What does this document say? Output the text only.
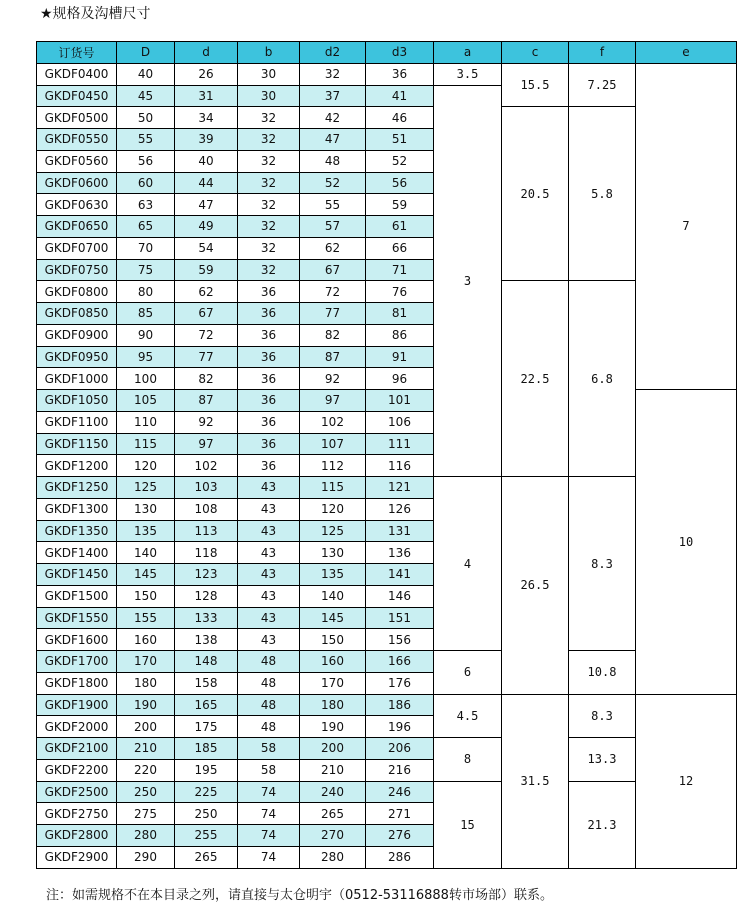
★规格及沟槽尺寸
订货号	D	d	b	d2	d3	a	c	f	e
GKDF0400	40	26	30	32	36	3.5	15.5	7.25	7
GKDF0450	45	31	30	37	41	3			
GKDF0500	50	34	32	42	46		20.5	5.8	
GKDF0550	55	39	32	47	51				
GKDF0560	56	40	32	48	52				
GKDF0600	60	44	32	52	56				
GKDF0630	63	47	32	55	59				
GKDF0650	65	49	32	57	61				
GKDF0700	70	54	32	62	66				
GKDF0750	75	59	32	67	71				
GKDF0800	80	62	36	72	76		22.5	6.8	
GKDF0850	85	67	36	77	81				
GKDF0900	90	72	36	82	86				
GKDF0950	95	77	36	87	91				
GKDF1000	100	82	36	92	96				
GKDF1050	105	87	36	97	101				10
GKDF1100	110	92	36	102	106				
GKDF1150	115	97	36	107	111				
GKDF1200	120	102	36	112	116				
GKDF1250	125	103	43	115	121	4	26.5	8.3	
GKDF1300	130	108	43	120	126				
GKDF1350	135	113	43	125	131				
GKDF1400	140	118	43	130	136				
GKDF1450	145	123	43	135	141				
GKDF1500	150	128	43	140	146				
GKDF1550	155	133	43	145	151				
GKDF1600	160	138	43	150	156				
GKDF1700	170	148	48	160	166	6		10.8	
GKDF1800	180	158	48	170	176				
GKDF1900	190	165	48	180	186	4.5	31.5	8.3	12
GKDF2000	200	175	48	190	196				
GKDF2100	210	185	58	200	206	8		13.3	
GKDF2200	220	195	58	210	216				
GKDF2500	250	225	74	240	246	15		21.3	
GKDF2750	275	250	74	265	271				
GKDF2800	280	255	74	270	276				
GKDF2900	290	265	74	280	286				
注：如需规格不在本目录之列，请直接与太仓明宇（0512-53116888转市场部）联系。
